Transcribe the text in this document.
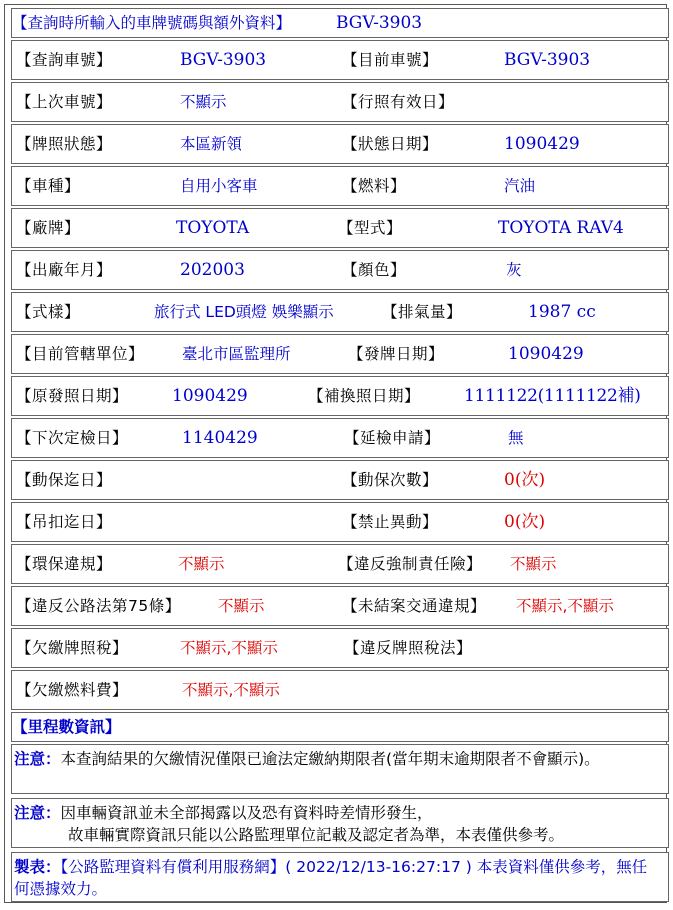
【查詢時所輸入的車牌號碼與額外資料】	BGV-3903
【查詢車號】	BGV-3903	【目前車號】	BGV-3903
【上次車號】	不顯示	【行照有效日】
【牌照狀態】	本區新領	【狀態日期】	1090429
【車種】	自用小客車	【燃料】	汽油
【廠牌】	TOYOTA	【型式】	TOYOTA RAV4
【出廠年月】	202003	【顏色】	灰
【式樣】	旅行式 LED頭燈 娛樂顯示	【排氣量】	1987 cc
【目前管轄單位】 臺北市區監理所	【發牌日期】	1090429
【原發照日期】	1090429	【補換照日期】	1111122(1111122補)
【下次定檢日】	1140429	【延檢申請】	無
【動保迄日】	【動保次數】	0(次)
【吊扣迄日】	【禁止異動】	0(次)
【環保違規】	不顯示	【違反強制責任險】 不顯示
【違反公路法第75條】 不顯示	【未結案交通違規】 不顯示,不顯示
【欠繳牌照稅】	不顯示,不顯示	【違反牌照稅法】
【欠繳燃料費】	不顯示,不顯示
【里程數資訊】
注意：本查詢結果的欠繳情況僅限已逾法定繳納期限者(當年期末逾期限者不會顯示)。
注意：因車輛資訊並未全部揭露以及恐有資料時差情形發生，
故車輛實際資訊只能以公路監理單位記載及認定者為準，本表僅供參考。
製表：【公路監理資料有償利用服務網】( 2022/12/13-16:27:17 ) 本表資料僅供參考，無任何憑據效力。
